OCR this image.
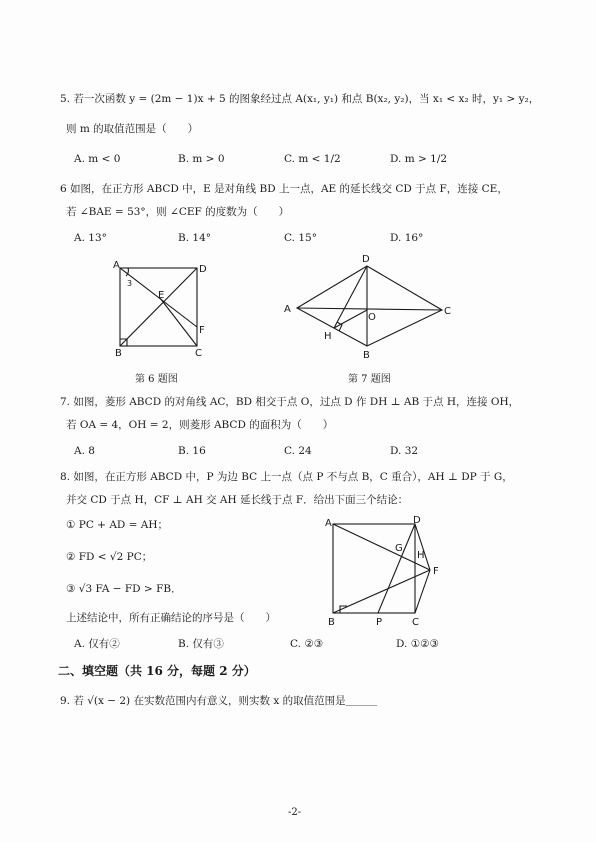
5. 若一次函数 y = (2m − 1)x + 5 的图象经过点 A(x₁, y₁) 和点 B(x₂, y₂)，当 x₁ < x₂ 时，y₁ > y₂，
则 m 的取值范围是（　　）
A. m < 0	B. m > 0	C. m < 1/2	D. m > 1/2
6 如图，在正方形 ABCD 中，E 是对角线 BD 上一点，AE 的延长线交 CD 于点 F，连接 CE，
若 ∠BAE = 53°，则 ∠CEF 的度数为（　　）
A. 13°	B. 14°	C. 15°	D. 16°
A	D
E
F
B	C
3
D
A	C
O
H
B
A	D
G
H
F
B	P	C
第 6 题图	第 7 题图
7. 如图，菱形 ABCD 的对角线 AC，BD 相交于点 O，过点 D 作 DH ⊥ AB 于点 H，连接 OH，
若 OA = 4，OH = 2，则菱形 ABCD 的面积为（　　）
A. 8	B. 16	C. 24	D. 32
8. 如图，在正方形 ABCD 中，P 为边 BC 上一点（点 P 不与点 B，C 重合），AH ⊥ DP 于 G，
并交 CD 于点 H，CF ⊥ AH 交 AH 延长线于点 F．给出下面三个结论：
① PC + AD = AH；
② FD < √2 PC；
③ √3 FA − FD > FB．
上述结论中，所有正确结论的序号是（　　）
A. 仅有②	B. 仅有③	C. ②③	D. ①②③
二、填空题（共 16 分，每题 2 分）
9. 若 √(x − 2) 在实数范围内有意义，则实数 x 的取值范围是＿＿＿
-2-
